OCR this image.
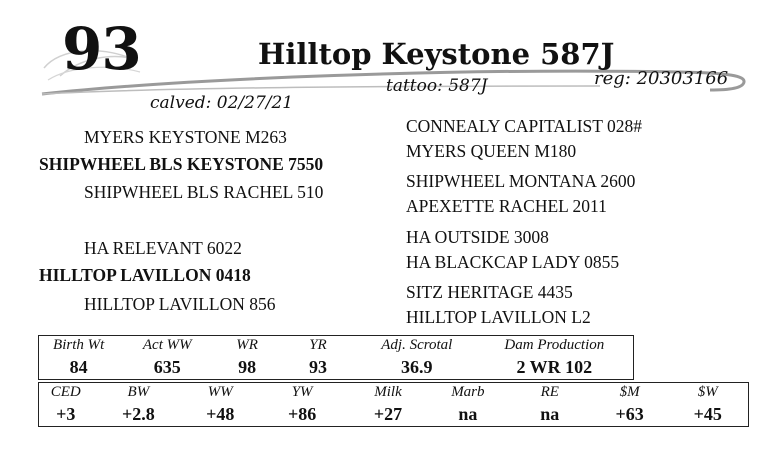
93	Hilltop Keystone 587J
reg: 20303166
tattoo: 587J
calved: 02/27/21
MYERS KEYSTONE M263
SHIPWHEEL BLS KEYSTONE 7550
SHIPWHEEL BLS RACHEL 510
CONNEALY CAPITALIST 028#
MYERS QUEEN M180
SHIPWHEEL MONTANA 2600
APEXETTE RACHEL 2011
HA RELEVANT 6022
HILLTOP LAVILLON 0418
HILLTOP LAVILLON 856
HA OUTSIDE 3008
HA BLACKCAP LADY 0855
SITZ HERITAGE 4435
HILLTOP LAVILLON L2
Birth Wt	Act WW	WR	YR	Adj. Scrotal	Dam Production
84	635	98	93	36.9	2 WR 102
CED	BW	WW	YW	Milk	Marb	RE	$M	$W
+3	+2.8	+48	+86	+27	na	na	+63	+45
